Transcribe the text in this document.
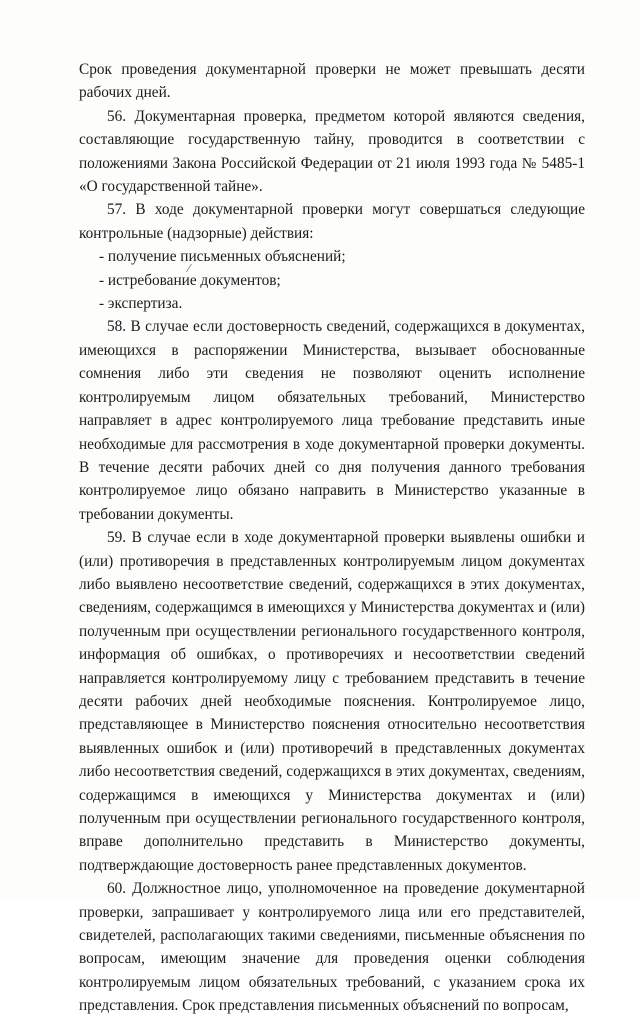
Срок проведения документарной проверки не может превышать десяти рабочих дней.

56. Документарная проверка, предметом которой являются сведения, составляющие государственную тайну, проводится в соответствии с положениями Закона Российской Федерации от 21 июля 1993 года № 5485-1 «О государственной тайне».

57. В ходе документарной проверки могут совершаться следующие контрольные (надзорные) действия:

- получение письменных объяснений;

- истребование документов;

- экспертиза.

58. В случае если достоверность сведений, содержащихся в документах, имеющихся в распоряжении Министерства, вызывает обоснованные сомнения либо эти сведения не позволяют оценить исполнение контролируемым лицом обязательных требований, Министерство направляет в адрес контролируемого лица требование представить иные необходимые для рассмотрения в ходе документарной проверки документы. В течение десяти рабочих дней со дня получения данного требования контролируемое лицо обязано направить в Министерство указанные в требовании документы.

59. В случае если в ходе документарной проверки выявлены ошибки и (или) противоречия в представленных контролируемым лицом документах либо выявлено несоответствие сведений, содержащихся в этих документах, сведениям, содержащимся в имеющихся у Министерства документах и (или) полученным при осуществлении регионального государственного контроля, информация об ошибках, о противоречиях и несоответствии сведений направляется контролируемому лицу с требованием представить в течение десяти рабочих дней необходимые пояснения. Контролируемое лицо, представляющее в Министерство пояснения относительно несоответствия выявленных ошибок и (или) противоречий в представленных документах либо несоответствия сведений, содержащихся в этих документах, сведениям, содержащимся в имеющихся у Министерства документах и (или) полученным при осуществлении регионального государственного контроля, вправе дополнительно представить в Министерство документы, подтверждающие достоверность ранее представленных документов.

60. Должностное лицо, уполномоченное на проведение документарной проверки, запрашивает у контролируемого лица или его представителей, свидетелей, располагающих такими сведениями, письменные объяснения по вопросам, имеющим значение для проведения оценки соблюдения контролируемым лицом обязательных требований, с указанием срока их представления. Срок представления письменных объяснений по вопросам,

⁄
